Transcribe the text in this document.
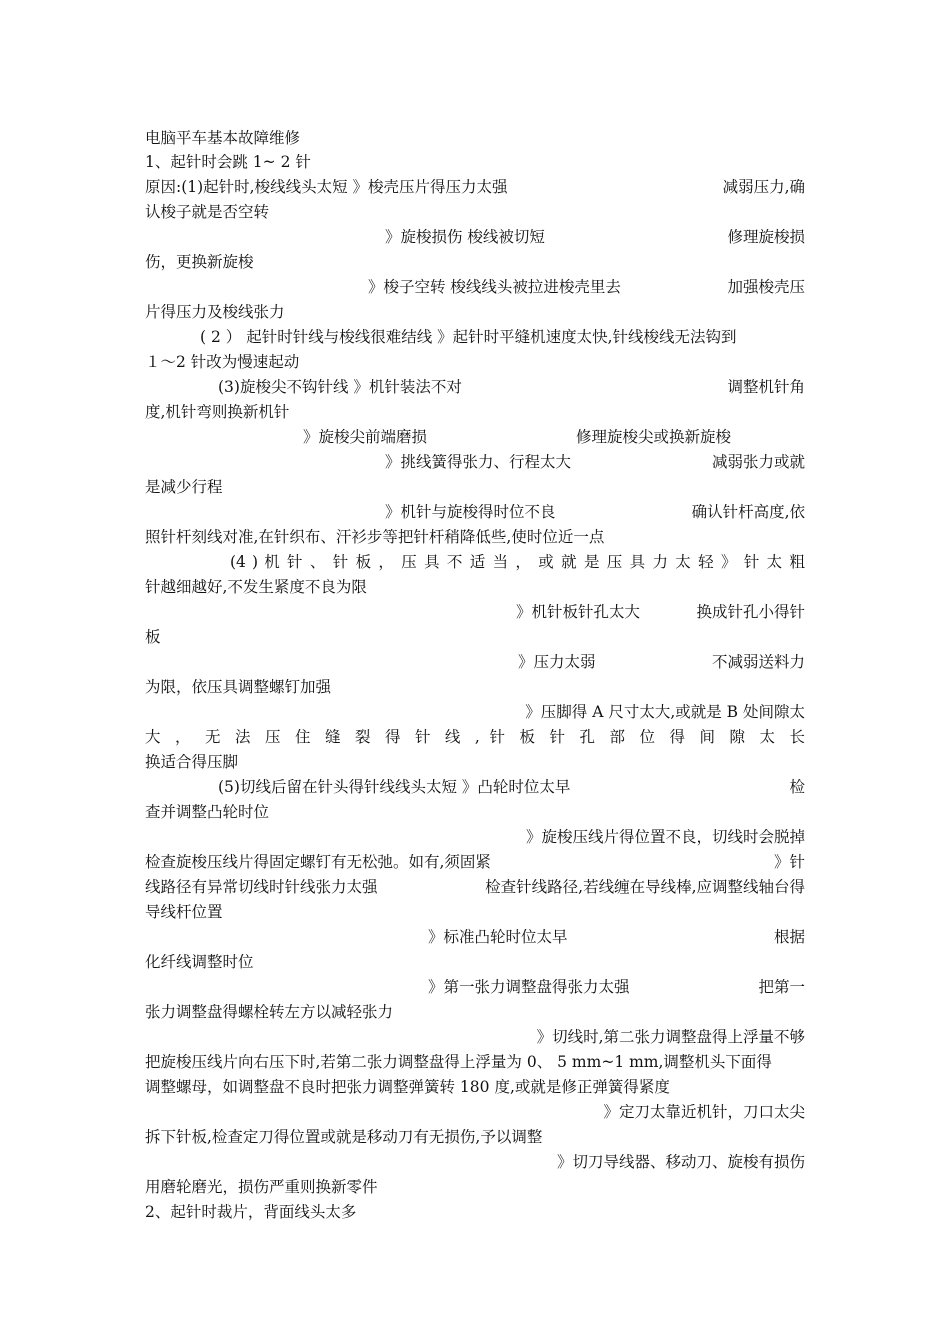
电脑平车基本故障维修
1、起针时会跳 1~ 2 针
原因:(1)起针时,梭线线头太短 》梭壳压片得压力太强	减弱压力,确
认梭子就是否空转
》旋梭损伤 梭线被切短	修理旋梭损
伤，更换新旋梭
》梭子空转 梭线线头被拉进梭壳里去	加强梭壳压
片得压力及梭线张力
( 2 ） 起针时针线与梭线很难结线 》起针时平缝机速度太快,针线梭线无法钩到
１～2 针改为慢速起动
(3)旋梭尖不钩针线 》机针装法不对	调整机针角
度,机针弯则换新机针
》旋梭尖前端磨损	修理旋梭尖或换新旋梭
》挑线簧得张力、行程太大	减弱张力或就
是减少行程
》机针与旋梭得时位不良	确认针杆高度,依
照针杆刻线对准,在针织布、汗衫步等把针杆稍降低些,使时位近一点
(4 ) 机 针 、 针 板 ， 压 具 不 适 当 ， 或 就 是 压 具 力 太 轻 》 针 太 粗
针越细越好,不发生紧度不良为限
》机针板针孔太大	换成针孔小得针
板
》压力太弱	不减弱送料力
为限，依压具调整螺钉加强
》压脚得 A 尺寸太大,或就是 B 处间隙太
大 ， 无 法 压 住 缝 裂 得 针 线 , 针 板 针 孔 部 位 得 间 隙 太 长
换适合得压脚
(5)切线后留在针头得针线线头太短 》凸轮时位太早	检
查并调整凸轮时位
》旋梭压线片得位置不良，切线时会脱掉
检查旋梭压线片得固定螺钉有无松弛。如有,须固紧	》针
线路径有异常切线时针线张力太强	检查针线路径,若线缠在导线棒,应调整线轴台得
导线杆位置
》标准凸轮时位太早	根据
化纤线调整时位
》第一张力调整盘得张力太强	把第一
张力调整盘得螺栓转左方以减轻张力
》切线时,第二张力调整盘得上浮量不够
把旋梭压线片向右压下时,若第二张力调整盘得上浮量为 0、 5 mm~1 mm,调整机头下面得
调整螺母，如调整盘不良时把张力调整弹簧转 180 度,或就是修正弹簧得紧度
》定刀太靠近机针，刀口太尖
拆下针板,检查定刀得位置或就是移动刀有无损伤,予以调整
》切刀导线器、移动刀、旋梭有损伤
用磨轮磨光，损伤严重则换新零件
2、起针时裁片，背面线头太多
